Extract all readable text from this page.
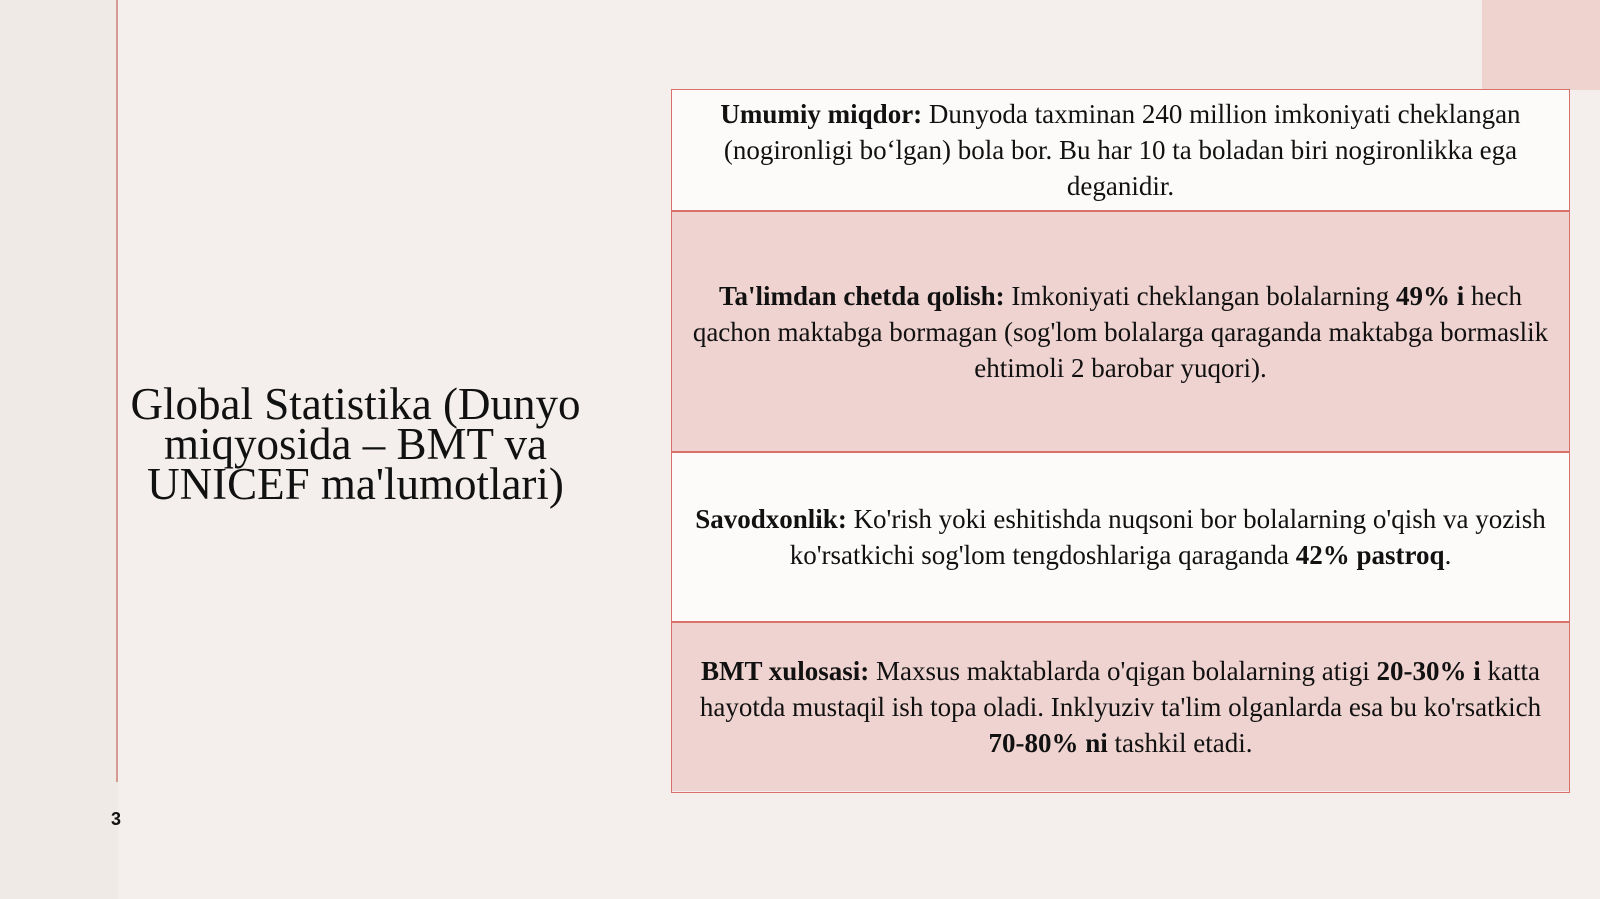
Global Statistika (Dunyo miqyosida – BMT va UNICEF ma'lumotlari)
3
Umumiy miqdor: Dunyoda taxminan 240 million imkoniyati cheklangan (nogironligi bo‘lgan) bola bor. Bu har 10 ta boladan biri nogironlikka ega deganidir.
Ta'limdan chetda qolish: Imkoniyati cheklangan bolalarning 49% i hech qachon maktabga bormagan (sog'lom bolalarga qaraganda maktabga bormaslik ehtimoli 2 barobar yuqori).
Savodxonlik: Ko'rish yoki eshitishda nuqsoni bor bolalarning o'qish va yozish ko'rsatkichi sog'lom tengdoshlariga qaraganda 42% pastroq.
BMT xulosasi: Maxsus maktablarda o'qigan bolalarning atigi 20-30% i katta hayotda mustaqil ish topa oladi. Inklyuziv ta'lim olganlarda esa bu ko'rsatkich 70-80% ni tashkil etadi.
